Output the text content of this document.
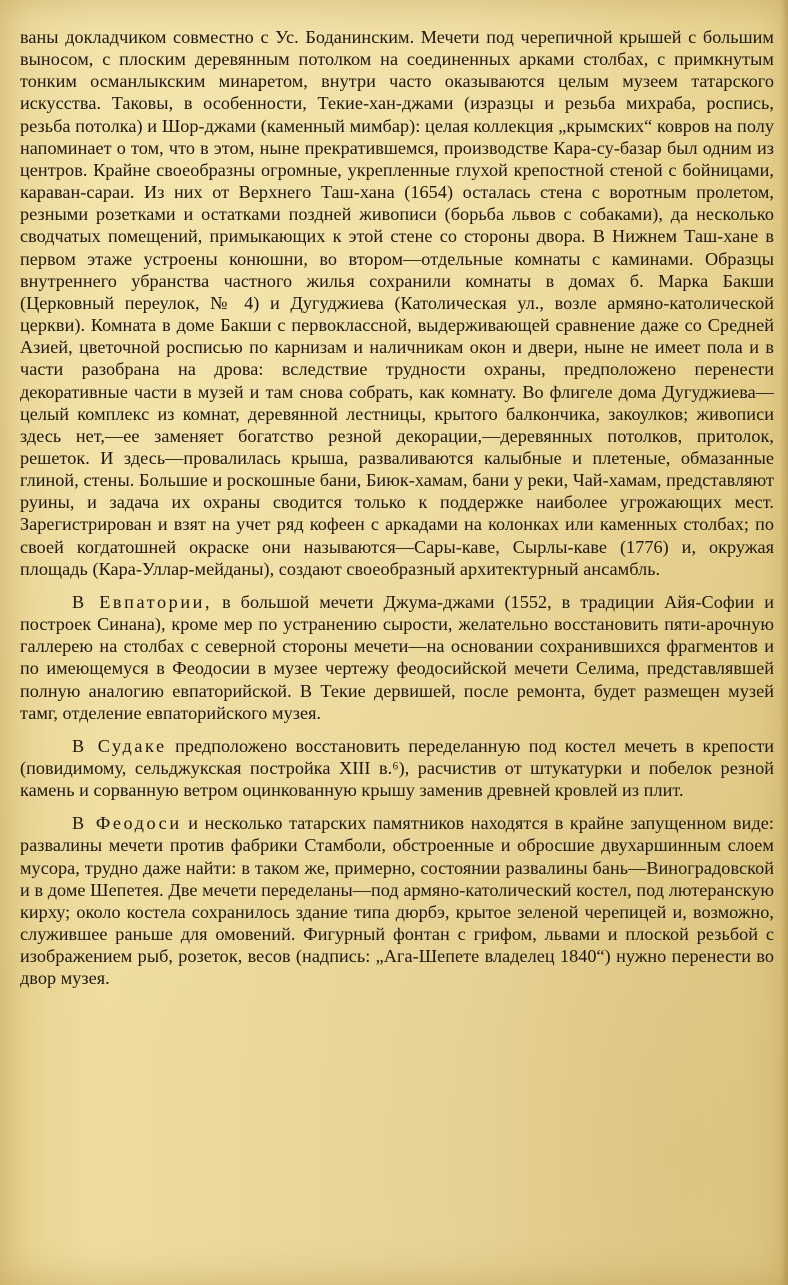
ваны докладчиком совместно с Ус. Боданинским. Мечети под черепичной крышей с большим выносом, с плоским деревянным потолком на соединенных арками столбах, с примкнутым тонким османлыкским минаретом, внутри часто оказываются целым музеем татарского искусства. Таковы, в особенности, Текие-хан-джами (изразцы и резьба михраба, роспись, резьба потолка) и Шор-джами (каменный мимбар): целая коллекция „крымских“ ковров на полу напоминает о том, что в этом, ныне прекратившемся, производстве Кара-су-базар был одним из центров. Крайне своеобразны огромные, укрепленные глухой крепостной стеной с бойницами, караван-сараи. Из них от Верхнего Таш-хана (1654) осталась стена с воротным пролетом, резными розетками и остатками поздней живописи (борьба львов с собаками), да несколько сводчатых помещений, примыкающих к этой стене со стороны двора. В Нижнем Таш-хане в первом этаже устроены конюшни, во втором—отдельные комнаты с каминами. Образцы внутреннего убранства частного жилья сохранили комнаты в домах б. Марка Бакши (Церковный переулок, № 4) и Дугуджиева (Католическая ул., возле армяно-католической церкви). Комната в доме Бакши с первоклассной, выдерживающей сравнение даже со Средней Азией, цветочной росписью по карнизам и наличникам окон и двери, ныне не имеет пола и в части разобрана на дрова: вследствие трудности охраны, предположено перенести декоративные части в музей и там снова собрать, как комнату. Во флигеле дома Дугуджиева—целый комплекс из комнат, деревянной лестницы, крытого балкончика, закоулков; живописи здесь нет,—ее заменяет богатство резной декорации,—деревянных потолков, притолок, решеток. И здесь—провалилась крыша, разваливаются калыбные и плетеные, обмазанные глиной, стены. Большие и роскошные бани, Биюк-хамам, бани у реки, Чай-хамам, представляют руины, и задача их охраны сводится только к поддержке наиболее угрожающих мест. Зарегистрирован и взят на учет ряд кофеен с аркадами на колонках или каменных столбах; по своей когдатошней окраске они называются—Сары-каве, Сырлы-каве (1776) и, окружая площадь (Кара-Уллар-мейданы), создают своеобразный архитектурный ансамбль.

В Евпатории, в большой мечети Джума-джами (1552, в традиции Айя-Софии и построек Синана), кроме мер по устранению сырости, желательно восстановить пяти-арочную галлерею на столбах с северной стороны мечети—на основании сохранившихся фрагментов и по имеющемуся в Феодосии в музее чертежу феодосийской мечети Селима, представлявшей полную аналогию евпаторийской. В Текие дервишей, после ремонта, будет размещен музей тамг, отделение евпаторийского музея.

В Судаке предположено восстановить переделанную под костел мечеть в крепости (повидимому, сельджукская постройка XIII в.⁶), расчистив от штукатурки и побелок резной камень и сорванную ветром оцинкованную крышу заменив древней кровлей из плит.

В Феодоси и несколько татарских памятников находятся в крайне запущенном виде: развалины мечети против фабрики Стамболи, обстроенные и обросшие двухаршинным слоем мусора, трудно даже найти: в таком же, примерно, состоянии развалины бань—Виноградовской и в доме Шепетея. Две мечети переделаны—под армяно-католический костел, под лютеранскую кирху; около костела сохранилось здание типа дюрбэ, крытое зеленой черепицей и, возможно, служившее раньше для омовений. Фигурный фонтан с грифом, львами и плоской резьбой с изображением рыб, розеток, весов (надпись: „Ага-Шепете владелец 1840“) нужно перенести во двор музея.
